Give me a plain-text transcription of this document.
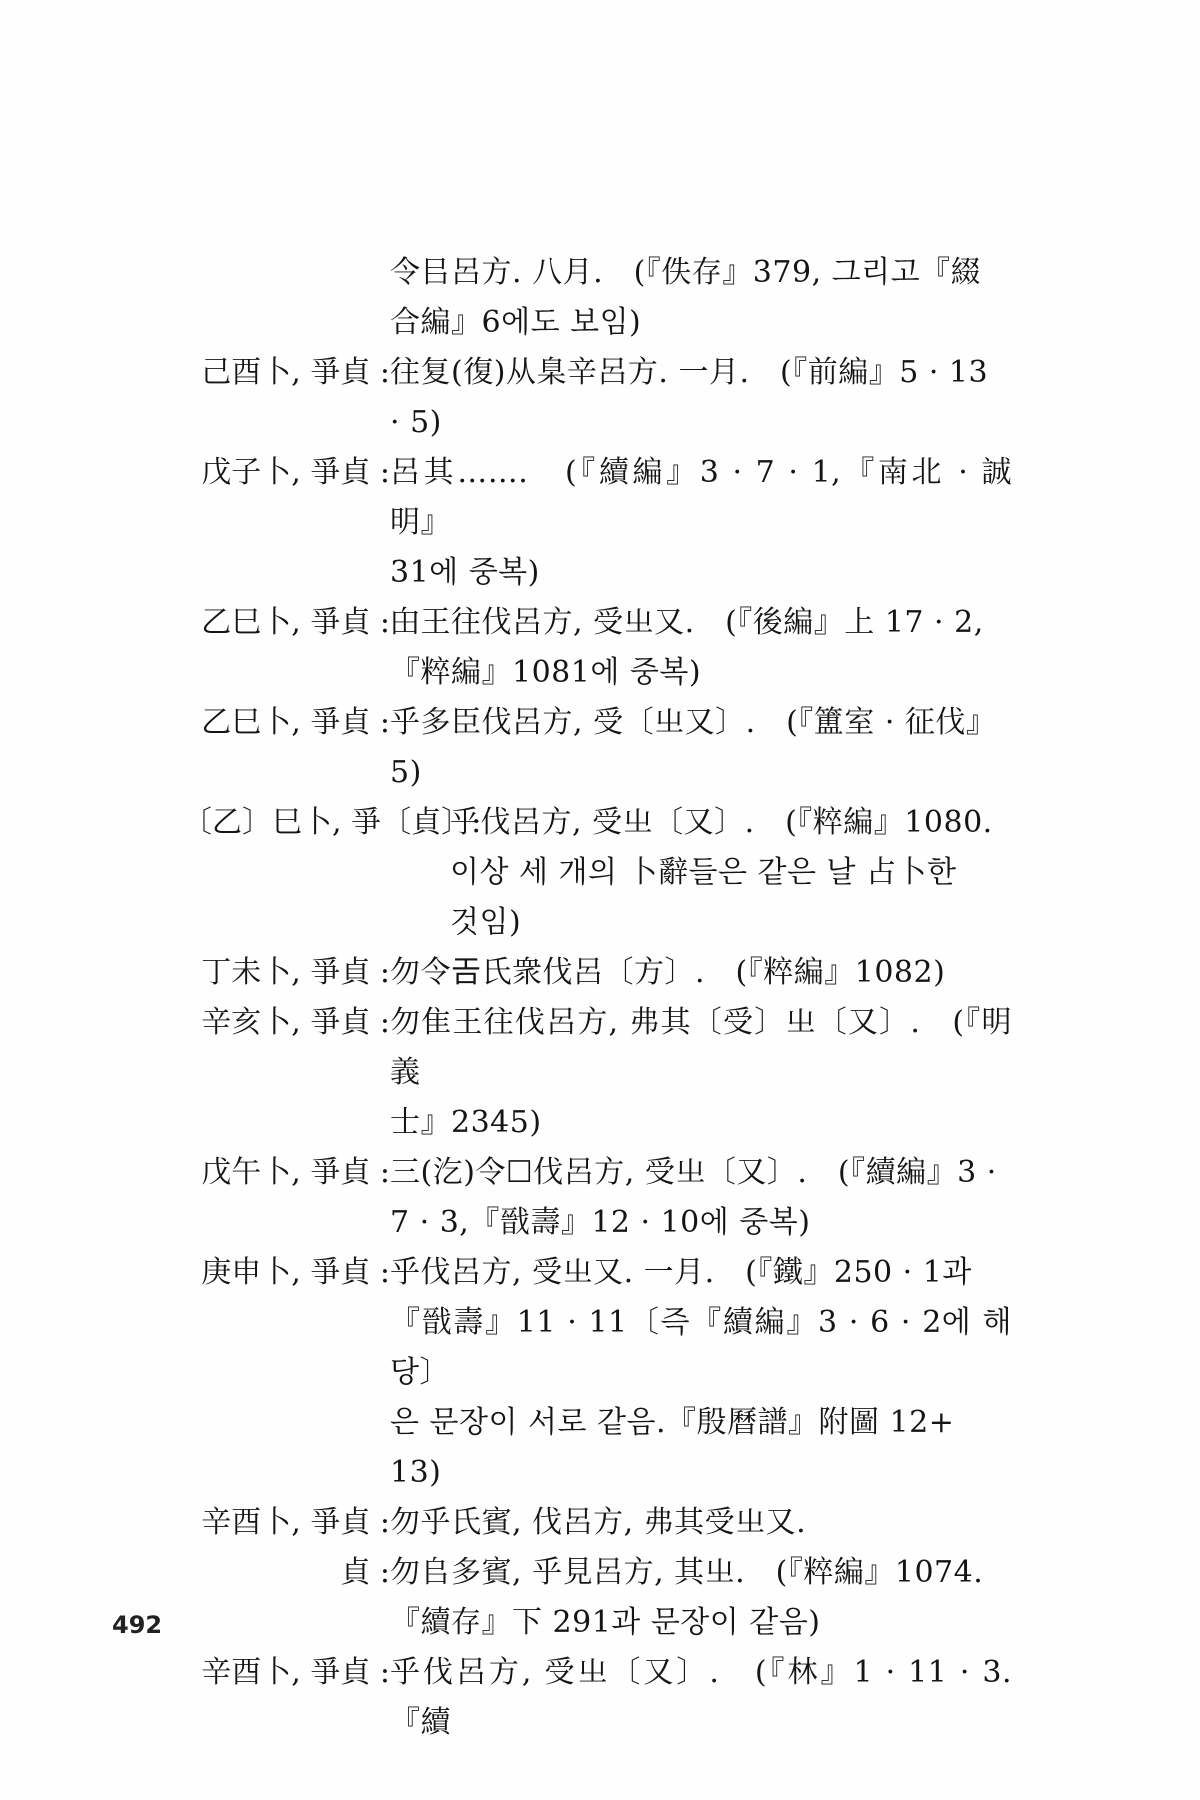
令㠯呂方. 八月.　(『佚存』379, 그리고『綴
合編』6에도 보임)
己酉卜, 爭貞 : 往复(復)从臬辛呂方. 一月.　(『前編』5 · 13
· 5)
戊子卜, 爭貞 : 呂其…….　(『續編』3 · 7 · 1,『南北 · 誠明』
31에 중복)
乙巳卜, 爭貞 : 甶王往伐呂方, 受㞢又.　(『後編』上 17 · 2,
『粹編』1081에 중복)
乙巳卜, 爭貞 : 乎多臣伐呂方, 受〔㞢又〕.　(『簠室 · 征伐』
5)
〔乙〕巳卜, 爭〔貞〕:
乎伐呂方, 受㞢〔又〕.　(『粹編』1080.
이상 세 개의 卜辭들은 같은 날 占卜한
것임)
丁未卜, 爭貞 : 勿令𢀛氏衆伐呂〔方〕.　(『粹編』1082)
辛亥卜, 爭貞 : 勿隹王往伐呂方, 弗其〔受〕㞢〔又〕.　(『明義
士』2345)
戊午卜, 爭貞 : 三(汔)令☐伐呂方, 受㞢〔又〕.　(『續編』3 ·
7 · 3,『戩壽』12 · 10에 중복)
庚申卜, 爭貞 : 乎伐呂方, 受㞢又. 一月.　(『鐵』250 · 1과
『戩壽』11 · 11〔즉『續編』3 · 6 · 2에 해당〕
은 문장이 서로 같음.『殷曆譜』附圖 12+
13)
辛酉卜, 爭貞 : 勿乎氏賓, 伐呂方, 弗其受㞢又.
貞 : 勿𠂤多賓, 乎見呂方, 其㞢.　(『粹編』1074.
『續存』下 291과 문장이 같음)
辛酉卜, 爭貞 : 乎伐呂方, 受㞢〔又〕.　(『林』1 · 11 · 3.『續
492
